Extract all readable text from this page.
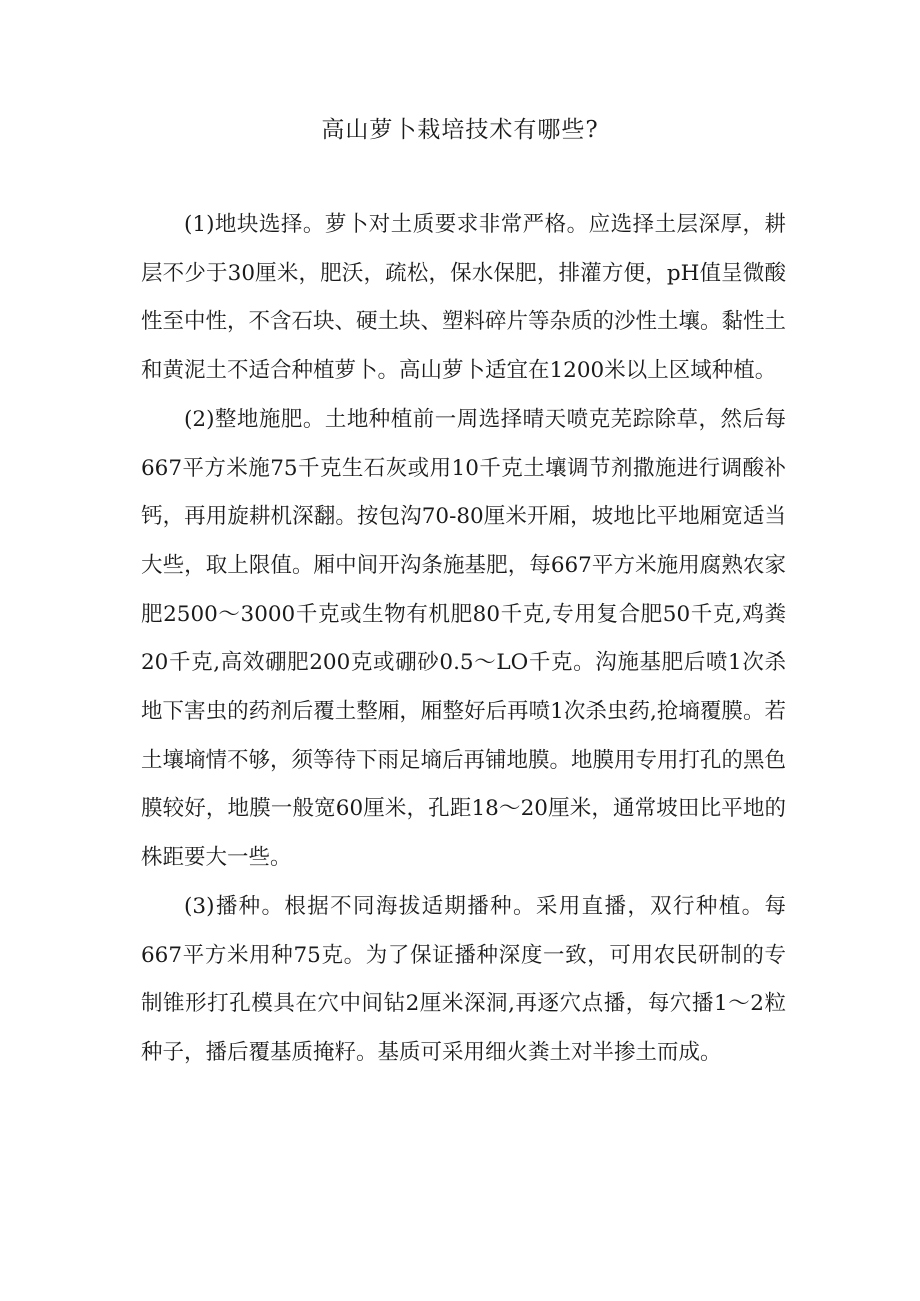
高山萝卜栽培技术有哪些?

(1)地块选择。萝卜对土质要求非常严格。应选择土层深厚，耕层不少于30厘米，肥沃，疏松，保水保肥，排灌方便，pH值呈微酸性至中性，不含石块、硬土块、塑料碎片等杂质的沙性土壤。黏性土和黄泥土不适合种植萝卜。高山萝卜适宜在1200米以上区域种植。

(2)整地施肥。土地种植前一周选择晴天喷克芜踪除草，然后每667平方米施75千克生石灰或用10千克土壤调节剂撒施进行调酸补钙，再用旋耕机深翻。按包沟70-80厘米开厢，坡地比平地厢宽适当大些，取上限值。厢中间开沟条施基肥，每667平方米施用腐熟农家肥2500～3000千克或生物有机肥80千克,专用复合肥50千克,鸡粪20千克,高效硼肥200克或硼砂0.5～LO千克。沟施基肥后喷1次杀地下害虫的药剂后覆土整厢，厢整好后再喷1次杀虫药,抢墒覆膜。若土壤墒情不够，须等待下雨足墒后再铺地膜。地膜用专用打孔的黑色膜较好，地膜一般宽60厘米，孔距18～20厘米，通常坡田比平地的株距要大一些。

(3)播种。根据不同海拔适期播种。采用直播，双行种植。每667平方米用种75克。为了保证播种深度一致，可用农民研制的专制锥形打孔模具在穴中间钻2厘米深洞,再逐穴点播，每穴播1～2粒种子，播后覆基质掩籽。基质可采用细火粪土对半掺土而成。
